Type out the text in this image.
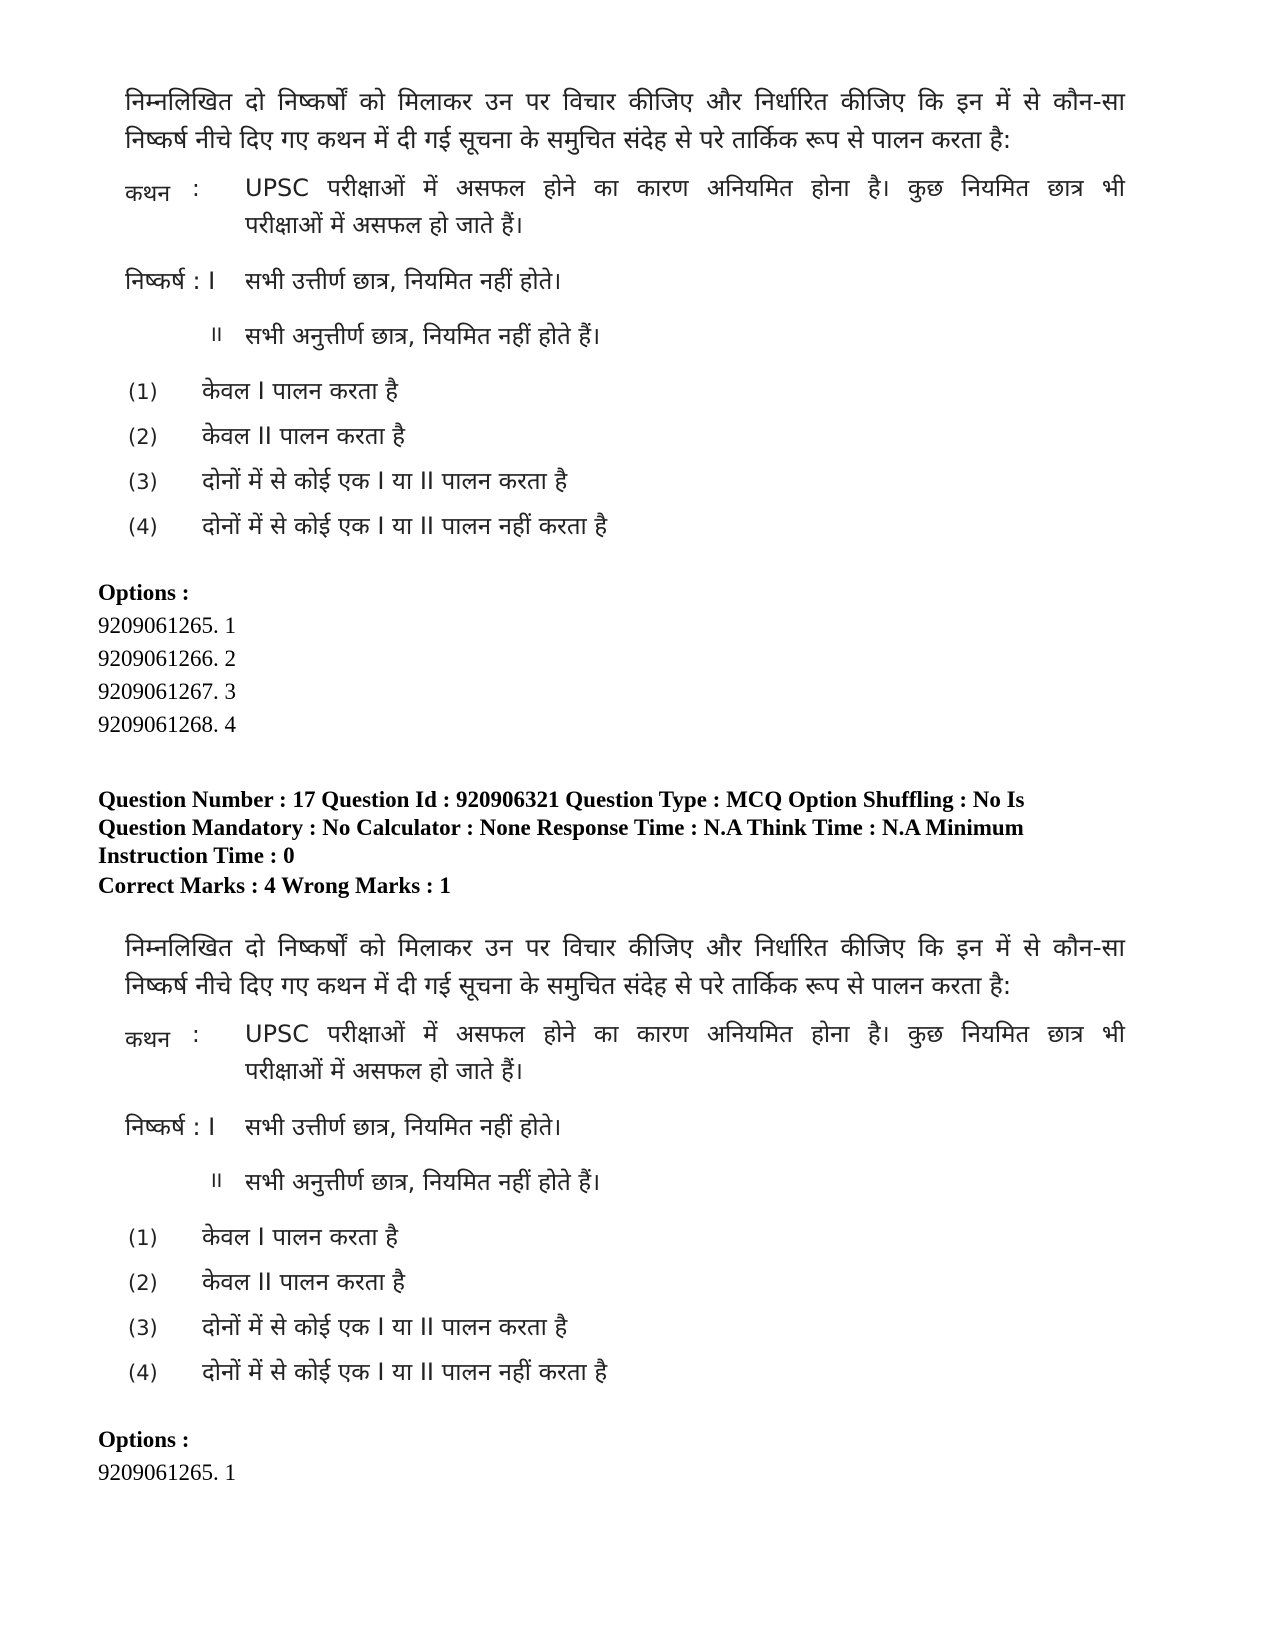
निम्नलिखित दो निष्कर्षों को मिलाकर उन पर विचार कीजिए और निर्धारित कीजिए कि इन में से कौन-सा
निष्कर्ष नीचे दिए गए कथन में दी गई सूचना के समुचित संदेह से परे तार्किक रूप से पालन करता है:
कथन : UPSC परीक्षाओं में असफल होने का कारण अनियमित होना है। कुछ नियमित छात्र भी
परीक्षाओं में असफल हो जाते हैं।
निष्कर्ष : I सभी उत्तीर्ण छात्र, नियमित नहीं होते।
II सभी अनुत्तीर्ण छात्र, नियमित नहीं होते हैं।
(1) केवल I पालन करता है
(2) केवल II पालन करता है
(3) दोनों में से कोई एक I या II पालन करता है
(4) दोनों में से कोई एक I या II पालन नहीं करता है
Options :
9209061265. 1
9209061266. 2
9209061267. 3
9209061268. 4
Question Number : 17 Question Id : 920906321 Question Type : MCQ Option Shuffling : No Is
Question Mandatory : No Calculator : None Response Time : N.A Think Time : N.A Minimum
Instruction Time : 0
Correct Marks : 4 Wrong Marks : 1
निम्नलिखित दो निष्कर्षों को मिलाकर उन पर विचार कीजिए और निर्धारित कीजिए कि इन में से कौन-सा
निष्कर्ष नीचे दिए गए कथन में दी गई सूचना के समुचित संदेह से परे तार्किक रूप से पालन करता है:
कथन : UPSC परीक्षाओं में असफल होने का कारण अनियमित होना है। कुछ नियमित छात्र भी
परीक्षाओं में असफल हो जाते हैं।
निष्कर्ष : I सभी उत्तीर्ण छात्र, नियमित नहीं होते।
II सभी अनुत्तीर्ण छात्र, नियमित नहीं होते हैं।
(1) केवल I पालन करता है
(2) केवल II पालन करता है
(3) दोनों में से कोई एक I या II पालन करता है
(4) दोनों में से कोई एक I या II पालन नहीं करता है
Options :
9209061265. 1
